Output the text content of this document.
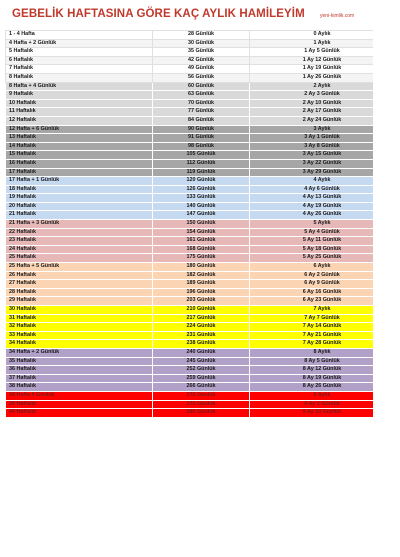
GEBELİK HAFTASINA GÖRE KAÇ AYLIK HAMİLEYİM	yeni-kimlik.com
1 - 4 Hafta	28 Günlük	0 Aylık
4 Hafta + 2 Günlük	30 Günlük	1 Aylık
5 Haftalık	35 Günlük	1 Ay 5 Günlük
6 Haftalık	42 Günlük	1 Ay 12 Günlük
7 Haftalık	49 Günlük	1 Ay 19 Günlük
8 Haftalık	56 Günlük	1 Ay 26 Günlük
8 Hafta + 4 Günlük	60 Günlük	2 Aylık
9 Haftalık	63 Günlük	2 Ay 3 Günlük
10 Haftalık	70 Günlük	2 Ay 10 Günlük
11 Haftalık	77 Günlük	2 Ay 17 Günlük
12 Haftalık	84 Günlük	2 Ay 24 Günlük
12 Hafta + 6 Günlük	90 Günlük	3 Aylık
13 Haftalık	91 Günlük	3 Ay 1 Günlük
14 Haftalık	98 Günlük	3 Ay 8 Günlük
15 Haftalık	105 Günlük	3 Ay 15 Günlük
16 Haftalık	112 Günlük	3 Ay 22 Günlük
17 Haftalık	119 Günlük	3 Ay 29 Günlük
17 Hafta + 1 Günlük	120 Günlük	4 Aylık
18 Haftalık	126 Günlük	4 Ay 6 Günlük
19 Haftalık	133 Günlük	4 Ay 13 Günlük
20 Haftalık	140 Günlük	4 Ay 19 Günlük
21 Haftalık	147 Günlük	4 Ay 26 Günlük
21 Hafta + 3 Günlük	150 Günlük	5 Aylık
22 Haftalık	154 Günlük	5 Ay 4 Günlük
23 Haftalık	161 Günlük	5 Ay 11 Günlük
24 Haftalık	168 Günlük	5 Ay 18 Günlük
25 Haftalık	175 Günlük	5 Ay 25 Günlük
25 Hafta + 5 Günlük	180 Günlük	6 Aylık
26 Haftalık	182 Günlük	6 Ay 2 Günlük
27 Haftalık	189 Günlük	6 Ay 9 Günlük
28 Haftalık	196 Günlük	6 Ay 16 Günlük
29 Haftalık	203 Günlük	6 Ay 23 Günlük
30 Haftalık	210 Günlük	7 Aylık
31 Haftalık	217 Günlük	7 Ay 7 Günlük
32 Haftalık	224 Günlük	7 Ay 14 Günlük
33 Haftalık	231 Günlük	7 Ay 21 Günlük
34 Haftalık	238 Günlük	7 Ay 28 Günlük
34 Hafta + 2 Günlük	240 Günlük	8 Aylık
35 Haftalık	245 Günlük	8 Ay 5 Günlük
36 Haftalık	252 Günlük	8 Ay 12 Günlük
37 Haftalık	259 Günlük	8 Ay 19 Günlük
38 Haftalık	266 Günlük	8 Ay 26 Günlük
38 Hafta 4 Günlük	270 Günlük	9 Aylık
39 Haftalık	273 Günlük	9 Ay 3 Günlük
40 Haftalık	280 Günlük	9 Ay 10 Günlük
